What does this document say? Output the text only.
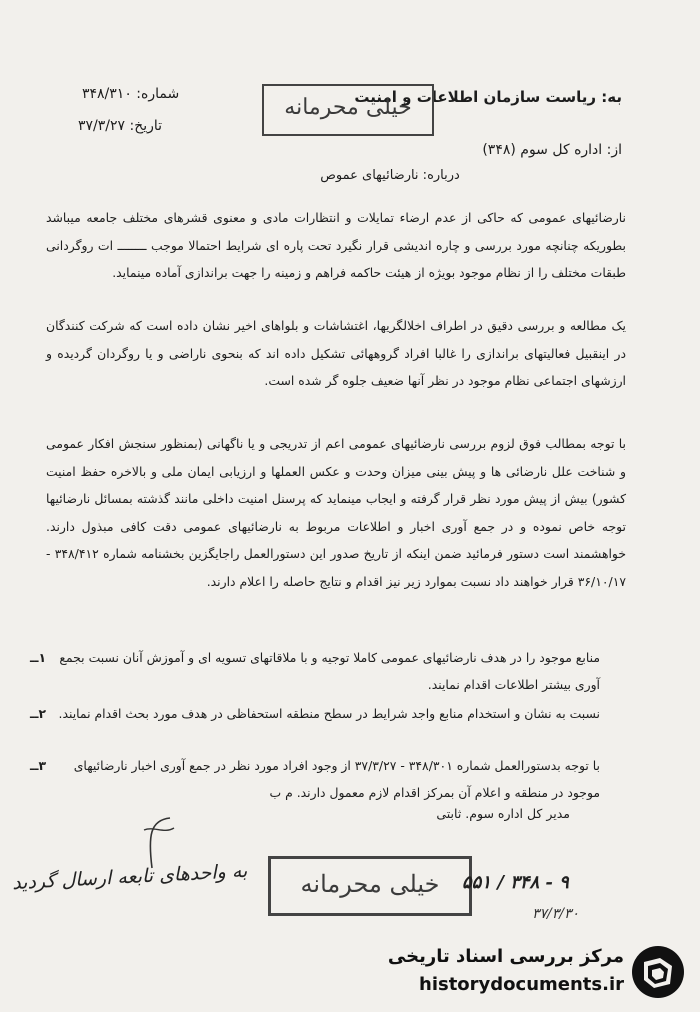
به: ریاست سازمان اطلاعات و امنیت
از: اداره کل سوم (۳۴۸)
شماره: ۳۴۸/۳۱۰
تاریخ: ۳۷/۳/۲۷
خیلی محرمانه
درباره: نارضائیهای عموص
نارضائیهای عمومی که حاکی از عدم ارضاء تمایلات و انتظارات مادی و معنوی قشرهای مختلف جامعه میباشد بطوریکه چنانچه مورد بررسی و چاره اندیشی قرار نگیرد تحت پاره ای شرایط احتمالا موجب ــــــــ ات روگردانی طبقات مختلف را از نظام موجود بویژه از هیئت حاکمه فراهم و زمینه را جهت براندازی آماده مینماید.
یک مطالعه و بررسی دقیق در اطراف اخلالگریها، اغتشاشات و بلواهای اخیر نشان داده است که شرکت کنندگان در اینقبیل فعالیتهای براندازی را غالبا افراد گروههائی تشکیل داده اند که بنحوی ناراضی و یا روگردان گردیده و ارزشهای اجتماعی نظام موجود در نظر آنها ضعیف جلوه گر شده است.
با توجه بمطالب فوق لزوم بررسی نارضائیهای عمومی اعم از تدریجی و یا ناگهانی (بمنظور سنجش افکار عمومی و شناخت علل نارضائی ها و پیش بینی میزان وحدت و عکس العملها و ارزیابی ایمان ملی و بالاخره حفظ امنیت کشور) بیش از پیش مورد نظر قرار گرفته و ایجاب مینماید که پرسنل امنیت داخلی مانند گذشته بمسائل نارضائیها توجه خاص نموده و در جمع آوری اخبار و اطلاعات مربوط به نارضائیهای عمومی دقت کافی مبذول دارند. خواهشمند است دستور فرمائید ضمن اینکه از تاریخ صدور این دستورالعمل راجایگزین بخشنامه شماره ۳۴۸/۴۱۲ - ۳۶/۱۰/۱۷ قرار خواهند داد نسبت بموارد زیر نیز اقدام و نتایج حاصله را اعلام دارند.
۱ــ	منابع موجود را در هدف نارضائیهای عمومی کاملا توجیه و با ملاقاتهای تسویه ای و آموزش آنان نسبت بجمع آوری بیشتر اطلاعات اقدام نمایند.
۲ــ	نسبت به نشان و استخدام منابع واجد شرایط در سطح منطقه استحفاظی در هدف مورد بحث اقدام نمایند.
۳ــ	با توجه بدستورالعمل شماره ۳۴۸/۳۰۱ - ۳۷/۳/۲۷ از وجود افراد مورد نظر در جمع آوری اخبار نارضائیهای موجود در منطقه و اعلام آن بمرکز اقدام لازم معمول دارند. م ب
مدیر کل اداره سوم. ثابتی
خیلی محرمانه
به واحدهای تابعه ارسال گردید	۹ - ۳۴۸ / ۵۵۱
۳۷/۳/۳۰
مرکز بررسی اسناد تاریخی
historydocuments.ir
